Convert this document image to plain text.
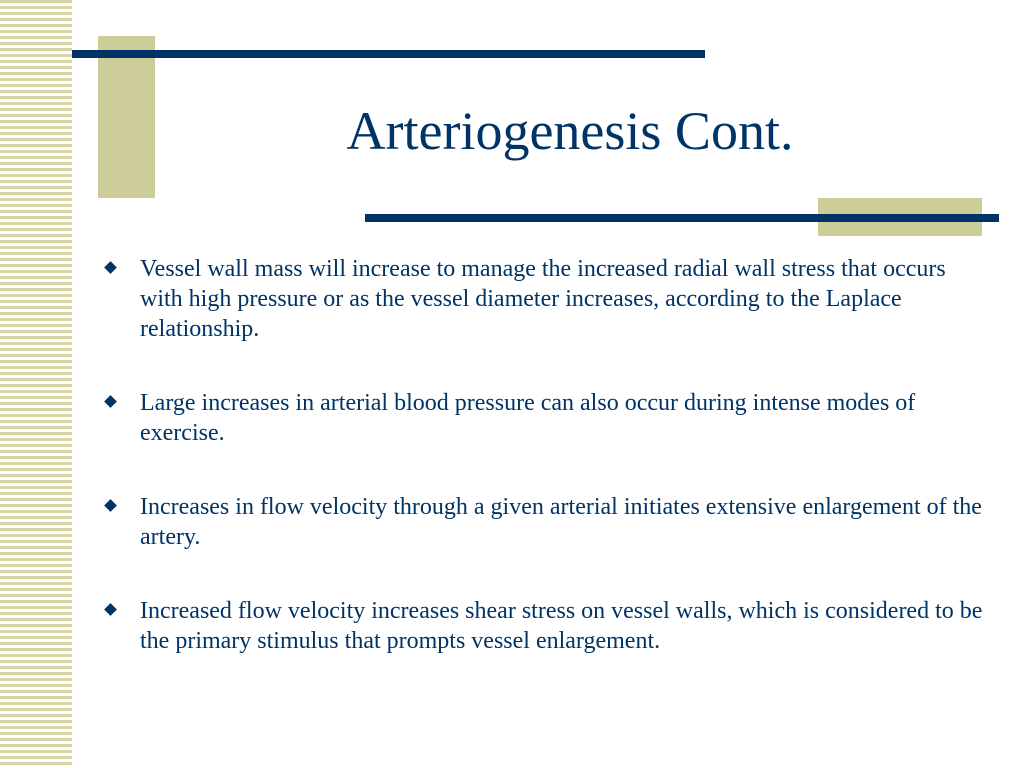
Arteriogenesis Cont.
Vessel wall mass will increase to manage the increased radial wall stress that occurs with high pressure or as the vessel diameter increases, according to the Laplace relationship.
Large increases in arterial blood pressure can also occur during intense modes of exercise.
Increases in flow velocity through a given arterial initiates extensive enlargement of the artery.
Increased flow velocity increases shear stress on vessel walls, which is considered to be the primary stimulus that prompts vessel enlargement.
